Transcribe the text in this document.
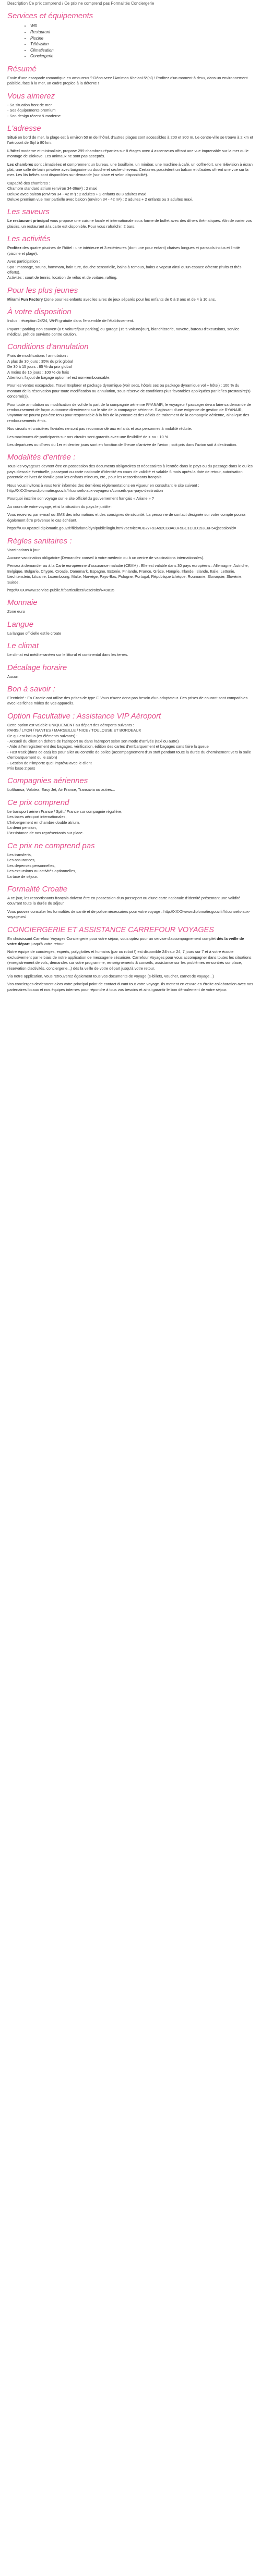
Description Ce prix comprend / Ce prix ne comprend pas Formalités Conciergerie

Services et équipements
• Wifi
• Restaurant
• Piscine
• Télévision
• Climatisation
• Conciergerie
Résumé

Envie d'une escapade romantique en amoureux ? Découvrez l'Amimeo Khelani 5*(nl) ! Profitez d'un moment à deux, dans un environnement paisible, face à la mer, un cadre propice à la détente !

Vous aimerez

- Sa situation front de mer
- Ses équipements premium
- Son design récent & moderne

L'adresse

Situé en bord de mer, la plage est à environ 50 m de l'hôtel, d'autres plages sont accessibles à 200 et 300 m. Le centre-ville se trouve à 2 km et l'aéroport de Sijil à 80 km.

L'hôtel moderne et minimaliste, propose 299 chambres réparties sur 8 étages avec 4 ascenseurs offrant une vue imprenable sur la mer ou le montage de Biokovo. Les animaux ne sont pas acceptés.

Les chambres sont climatisées et comprennent un bureau, une bouilloire, un minibar, une machine à café, un coffre-fort, une télévision à écran plat, une salle de bain privative avec baignoire ou douche et sèche-cheveux. Certaines possèdent un balcon et d'autres offrent une vue sur la mer. Les lits bébés sont disponibles sur demande (sur place et selon disponibilité).

Capacité des chambres :
Chambre standard atrium (environ 34-36m²) : 2 maxi
Deluxe avec balcon (environ 34 - 42 m²) : 2 adultes + 2 enfants ou 3 adultes maxi
Deluxe premium vue mer partielle avec balcon (environ 34 - 42 m²) : 2 adultes + 2 enfants ou 3 adultes maxi.

Les saveurs

Le restaurant principal vous propose une cuisine locale et internationale sous forme de buffet avec des dîners thématiques. Afin de varier vos plaisirs, un restaurant à la carte est disponible. Pour vous rafraîchir, 2 bars.

Les activités

Profitez des quatre piscines de l'hôtel : une intérieure et 3 extérieures (dont une pour enfant) chaises longues et parasols inclus et limité (piscine et plage).

Avec participation :
Spa : massage, sauna, hammam, bain turc, douche sensorielle, bains à remous, bains a vapeur ainsi qu'un espace détente (fruits et thés offerts).
Activités : court de tennis, location de vélos et de voiture, rafting.

Pour les plus jeunes

Mirami Fun Factory (zone pour les enfants avec les aires de jeux séparés pour les enfants de 0 à 3 ans et de 4 à 10 ans.

À votre disposition

Inclus : réception 24/24, Wi-Fi gratuite dans l'ensemble de l'établissement.

Payant : parking non couvert (8 € voiture/jour parking) ou garage (15 € voiture/jour), blanchisserie, navette, bureau d'excursions, service médical, prêt de serviette contre caution.

Conditions d'annulation

Frais de modifications / annulation :
A plus de 30 jours : 35% du prix global
De 30 à 15 jours : 85 % du prix global
A moins de 15 jours : 100 % de frais
Attention, l'ajout de bagage optionnel est non-remboursable.

Pour les ventes escapades, Travel Explorer et package dynamique (voir secs, hôtels sec ou package dynamique vol + hôtel) : 100 % du montant de la réservation pour toute modification ou annulation, sous réserve de conditions plus favorables appliquées par le/les prestataire(s) concerné(s).

Pour toute annulation ou modification de vol de la part de la compagnie aérienne RYANAIR, le voyageur / passager devra faire sa demande de remboursement de façon autonome directement sur le site de la compagnie aérienne. S'agissant d'une exigence de gestion de RYANAIR, Voyamar ne pourra pas être tenu pour responsable à la fois de la procure et des délais de traitement de la compagnie aérienne, ainsi que des remboursements émis.

Nos circuits et croisières fluviales ne sont pas recommandé aux enfants et aux personnes à mobilité réduite.

Les maximums de participants sur nos circuits sont garantis avec une flexibilité de + ou - 10 %.

Les départures ou dîners du 1er et dernier jours sont en fonction de l'heure d'arrivée de l'avion ; soit pris dans l'avion soit à destination.

Modalités d'entrée :

Tous les voyageurs devront être en possession des documents obligatoires et nécessaires à l'entrée dans le pays ou du passage dans le ou les pays d'escale éventuelle, passeport ou carte nationale d'identité en cours de validité et valable 6 mois après la date de retour, autorisation parentale et livret de famille pour les enfants mineurs, etc., pour les ressortissants français.

Nous vous invitons à vous tenir informés des dernières réglementations en vigueur en consultant le site suivant : http://XXXXwww.diplomatie.gouv.fr/fr/conseils-aux-voyageurs/conseils-par-pays-destination

Pourquoi inscrire son voyage sur le site officiel du gouvernement français « Ariane » ?

Au cours de votre voyage, et si la situation du pays le justifie :

Vous recevrez par e-mail ou SMS des informations et des consignes de sécurité. La personne de contact désignée sur votre compte pourra également être prévenue le cas échéant.

https://XXXXpastel.diplomatie.gouv.fr/fildariane/dyn/public/login.html?service=DB27F93A92CB8A83F5BC1CDD153E6F54;jsessionid=

Règles sanitaires :

Vaccinations à jour.

Aucune vaccination obligatoire (Demandez conseil à votre médecin ou à un centre de vaccinations internationales).

Pensez à demander ou à la Carte européenne d'assurance maladie (CEAM) : Elle est valable dans 30 pays européens : Allemagne, Autriche, Belgique, Bulgarie, Chypre, Croatie, Danemark, Espagne, Estonie, Finlande, France, Grèce, Hongrie, Irlande, Islande, Italie, Lettonie, Liechtenstein, Lituanie, Luxembourg, Malte, Norvège, Pays-Bas, Pologne, Portugal, République tchèque, Roumanie, Slovaquie, Slovénie, Suède.

http://XXXXwww.service-public.fr/particuliers/vosdroits/R49815

Monnaie

Zone euro

Langue

La langue officielle est le croate

Le climat

Le climat est méditerranéen sur le littoral et continental dans les terres.

Décalage horaire

Aucun

Bon à savoir :

Electricité : En Croatie ont utilise des prises de type F. Vous n'avez donc pas besoin d'un adaptateur. Ces prises de courant sont compatibles avec les fiches mâles de vos appareils.

Option Facultative : Assistance VIP Aéroport

Cette option est valable UNIQUEMENT au départ des aéroports suivants :
PARIS / LYON / NANTES / MARSEILLE / NICE / TOULOUSE ET BORDEAUX
Ce qui est inclus (ex éléments suivants) :
- Accueil du client en dehors de l'aéroport ou dans l'aéroport selon son mode d'arrivée (taxi ou autre)
- Aide à l'enregistrement des bagages, vérification, édition des cartes d'embarquement et bagages sans faire la queue
- Fast track (dans ce cas) les pour aller au contrôle de police (accompagnement d'un staff pendant toute la durée du cheminement vers la salle d'embarquement ou le salon)
- Gestion de n'importe quel imprévu avec le client
Prix base 2 pers

Compagnies aériennes

Lufthansa, Volotea, Easy Jet, Air France, Transavia ou autres...

Ce prix comprend

Le transport aérien France / Split / France sur compagnie régulière,
Les taxes aéroport internationales,
L'hébergement en chambre double atrium,
La demi pension,
L'assistance de nos représentants sur place.

Ce prix ne comprend pas

Les transferts,
Les assurances,
Les dépenses personnelles,
Les excursions ou activités optionnelles,
La taxe de séjour.

Formalité Croatie

A ce jour, les ressortissants français doivent être en possession d'un passeport ou d'une carte nationale d'identité présentant une validité couvrant toute la durée du séjour.

Vous pouvez consulter les formalités de santé et de police nécessaires pour votre voyage : http://XXXXwww.diplomatie.gouv.fr/fr/conseils-aux-voyageurs/

CONCIERGERIE ET ASSISTANCE CARREFOUR VOYAGES

En choisissant Carrefour Voyages Conciergerie pour votre séjour, vous optez pour un service d'accompagnement complet dès la veille de votre départ jusqu'à votre retour.

Notre équipe de concierges, experts, polyglottes et humains (par ou robot !) est disponible 24h sur 24, 7 jours sur 7 et à votre écoute exclusivement par le biais de notre application de messagerie sécurisée, Carrefour Voyages pour vous accompagner dans toutes les situations (enregistrement de vols, demandes sur votre programme, renseignements & conseils, assistance sur les problèmes rencontrés sur place, réservation d'activités, conciergerie...) dès la veille de votre départ jusqu'à votre retour.

Via notre application, vous retrouverez également tous vos documents de voyage (e-billets, voucher, carnet de voyage...)

Vos concierges deviennent alors votre principal point de contact durant tout votre voyage. Ils mettent en œuvre en étroite collaboration avec nos partenaires locaux et nos équipes internes pour répondre à tous vos besoins et ainsi garantir le bon déroulement de votre séjour.
